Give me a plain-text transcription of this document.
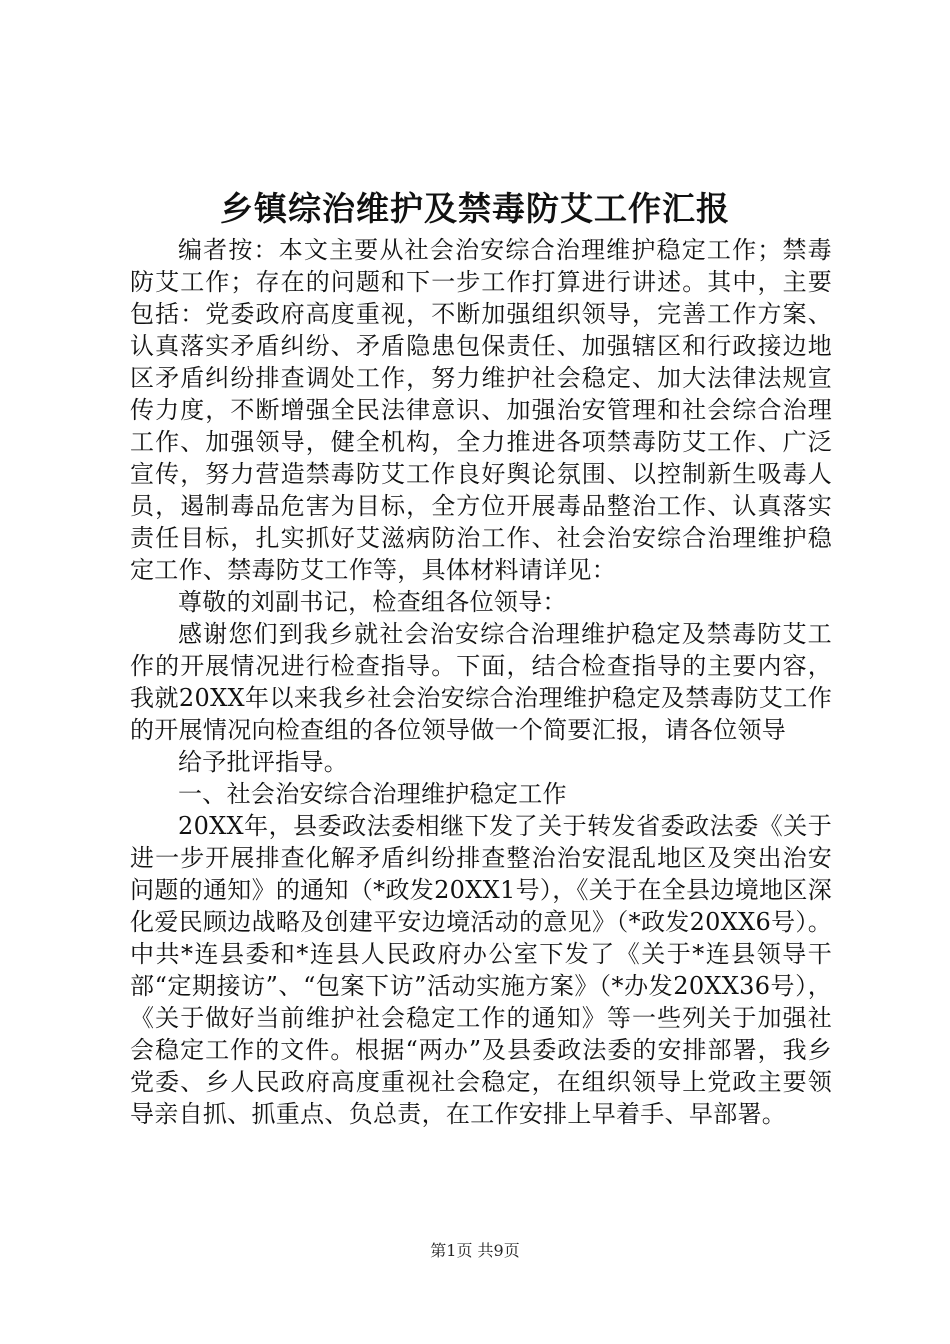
乡镇综治维护及禁毒防艾工作汇报

编者按：本文主要从社会治安综合治理维护稳定工作；禁毒防艾工作；存在的问题和下一步工作打算进行讲述。其中，主要包括：党委政府高度重视，不断加强组织领导，完善工作方案、认真落实矛盾纠纷、矛盾隐患包保责任、加强辖区和行政接边地区矛盾纠纷排查调处工作，努力维护社会稳定、加大法律法规宣传力度，不断增强全民法律意识、加强治安管理和社会综合治理工作、加强领导，健全机构，全力推进各项禁毒防艾工作、广泛宣传，努力营造禁毒防艾工作良好舆论氛围、以控制新生吸毒人员，遏制毒品危害为目标，全方位开展毒品整治工作、认真落实责任目标，扎实抓好艾滋病防治工作、社会治安综合治理维护稳定工作、禁毒防艾工作等，具体材料请详见：

尊敬的刘副书记，检查组各位领导：

感谢您们到我乡就社会治安综合治理维护稳定及禁毒防艾工作的开展情况进行检查指导。下面，结合检查指导的主要内容，我就20XX年以来我乡社会治安综合治理维护稳定及禁毒防艾工作的开展情况向检查组的各位领导做一个简要汇报，请各位领导

给予批评指导。

一、社会治安综合治理维护稳定工作

20XX年，县委政法委相继下发了关于转发省委政法委《关于进一步开展排查化解矛盾纠纷排查整治治安混乱地区及突出治安问题的通知》的通知（*政发20XX1号），《关于在全县边境地区深化爱民顾边战略及创建平安边境活动的意见》（*政发20XX6号）。中共*连县委和*连县人民政府办公室下发了《关于*连县领导干部“定期接访”、“包案下访”活动实施方案》（*办发20XX36号），《关于做好当前维护社会稳定工作的通知》等一些列关于加强社会稳定工作的文件。根据“两办”及县委政法委的安排部署，我乡党委、乡人民政府高度重视社会稳定，在组织领导上党政主要领导亲自抓、抓重点、负总责，在工作安排上早着手、早部署。

第1页 共9页
